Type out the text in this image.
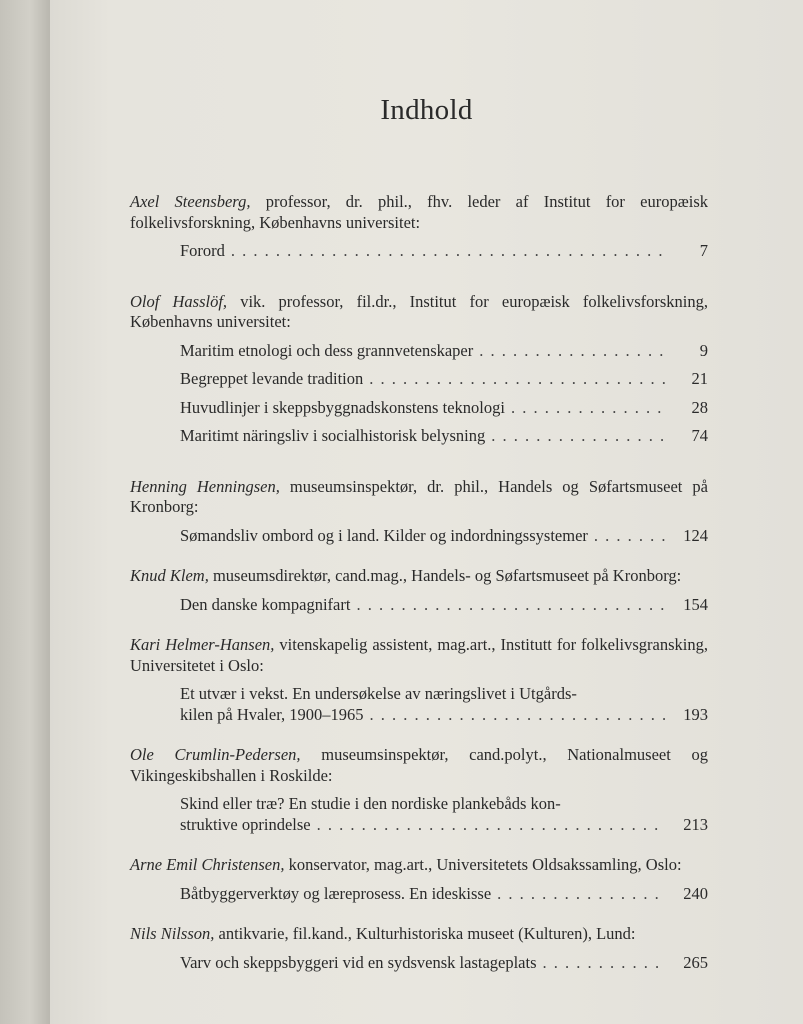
Indhold
Axel Steensberg, professor, dr. phil., fhv. leder af Institut for europæisk folkelivsforskning, Københavns universitet:
Forord . . .	7
Olof Hasslöf, vik. professor, fil.dr., Institut for europæisk folkelivsforskning, Københavns universitet:
Maritim etnologi och dess grannvetenskaper . . .	9
Begreppet levande tradition . . .	21
Huvudlinjer i skeppsbyggnadskonstens teknologi . . .	28
Maritimt näringsliv i socialhistorisk belysning . . .	74
Henning Henningsen, museumsinspektør, dr. phil., Handels og Søfartsmuseet på Kronborg:
Sømandsliv ombord og i land. Kilder og indordningssystemer . . .	124
Knud Klem, museumsdirektør, cand.mag., Handels- og Søfartsmuseet på Kronborg:
Den danske kompagnifart . . .	154
Kari Helmer-Hansen, vitenskapelig assistent, mag.art., Institutt for folkelivsgransking, Universitetet i Oslo:
Et utvær i vekst. En undersøkelse av næringslivet i Utgårds-
kilen på Hvaler, 1900–1965 . . .	193
Ole Crumlin-Pedersen, museumsinspektør, cand.polyt., Nationalmuseet og Vikingeskibshallen i Roskilde:
Skind eller træ? En studie i den nordiske plankebåds kon-
struktive oprindelse . . .	213
Arne Emil Christensen, konservator, mag.art., Universitetets Oldsakssamling, Oslo:
Båtbyggerverktøy og læreprosess. En ideskisse . . .	240
Nils Nilsson, antikvarie, fil.kand., Kulturhistoriska museet (Kulturen), Lund:
Varv och skeppsbyggeri vid en sydsvensk lastageplats . . .	265
